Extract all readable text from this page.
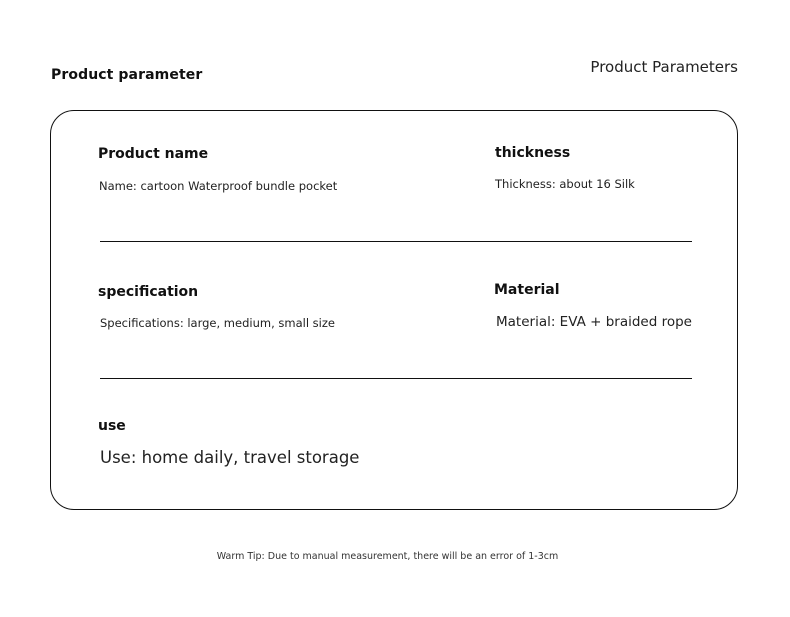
Product parameter	Product Parameters
Product name
Name: cartoon Waterproof bundle pocket
thickness
Thickness: about 16 Silk
specification
Specifications: large, medium, small size
Material
Material: EVA + braided rope
use
Use: home daily, travel storage
Warm Tip: Due to manual measurement, there will be an error of 1-3cm
